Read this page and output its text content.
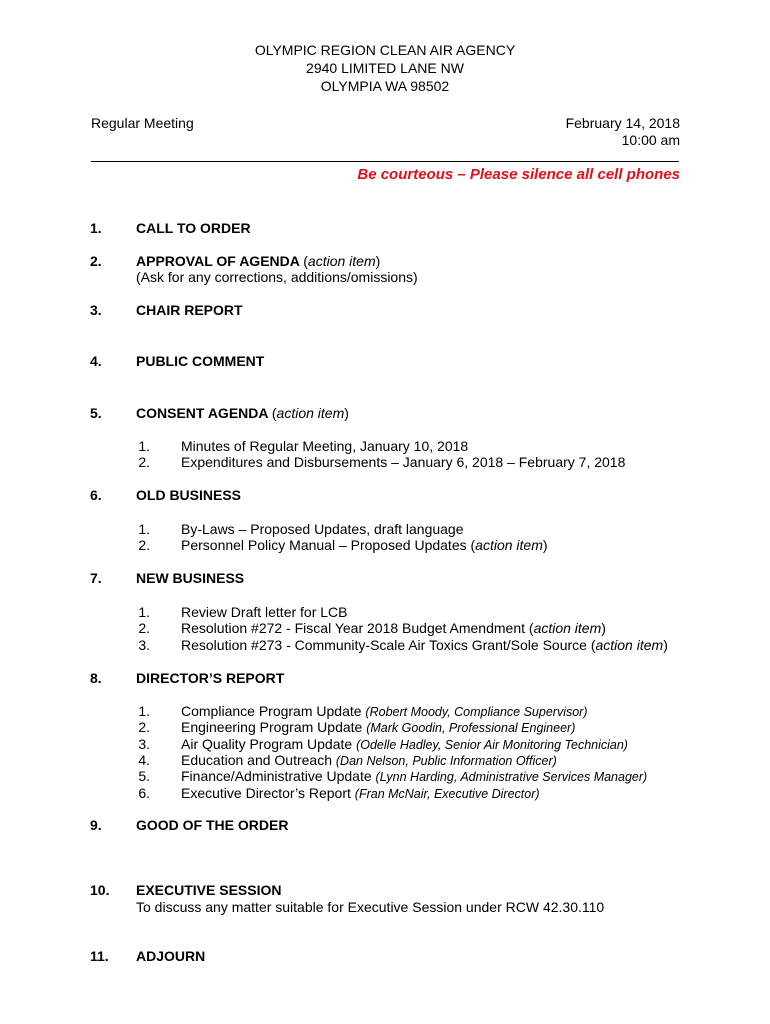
OLYMPIC REGION CLEAN AIR AGENCY
2940 LIMITED LANE NW
OLYMPIA WA 98502
Regular Meeting	February 14, 2018
10:00 am
Be courteous – Please silence all cell phones
1. CALL TO ORDER
2. APPROVAL OF AGENDA (action item)
(Ask for any corrections, additions/omissions)
3. CHAIR REPORT
4. PUBLIC COMMENT
5. CONSENT AGENDA (action item)
1. Minutes of Regular Meeting, January 10, 2018
2. Expenditures and Disbursements – January 6, 2018 – February 7, 2018
6. OLD BUSINESS
1. By-Laws – Proposed Updates, draft language
2. Personnel Policy Manual – Proposed Updates (action item)
7. NEW BUSINESS
1. Review Draft letter for LCB
2. Resolution #272 - Fiscal Year 2018 Budget Amendment (action item)
3. Resolution #273 - Community-Scale Air Toxics Grant/Sole Source (action item)
8. DIRECTOR’S REPORT
1. Compliance Program Update (Robert Moody, Compliance Supervisor)
2. Engineering Program Update (Mark Goodin, Professional Engineer)
3. Air Quality Program Update (Odelle Hadley, Senior Air Monitoring Technician)
4. Education and Outreach (Dan Nelson, Public Information Officer)
5. Finance/Administrative Update (Lynn Harding, Administrative Services Manager)
6. Executive Director’s Report (Fran McNair, Executive Director)
9. GOOD OF THE ORDER
10. EXECUTIVE SESSION
To discuss any matter suitable for Executive Session under RCW 42.30.110
11. ADJOURN
